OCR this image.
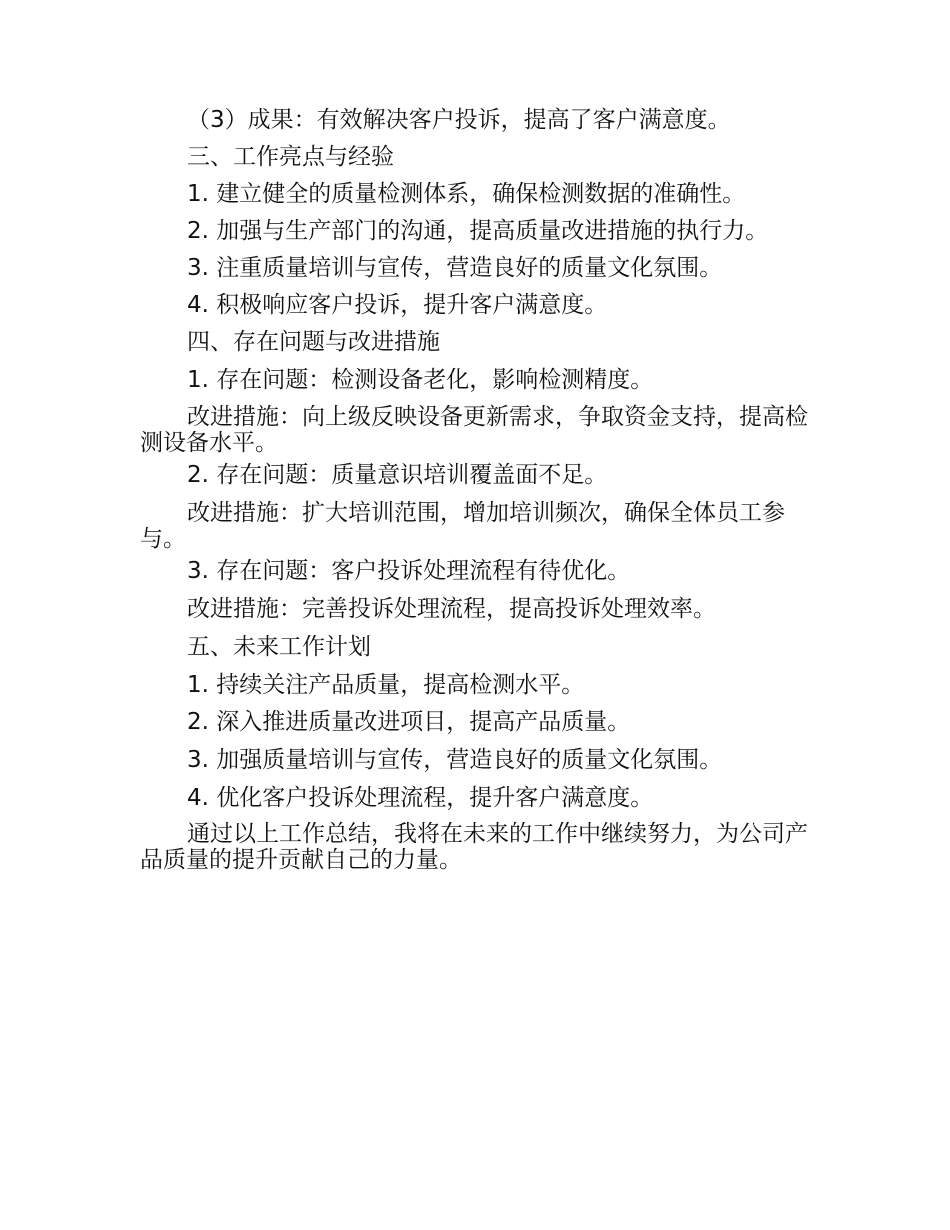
（3）成果：有效解决客户投诉，提高了客户满意度。
三、工作亮点与经验
1. 建立健全的质量检测体系，确保检测数据的准确性。
2. 加强与生产部门的沟通，提高质量改进措施的执行力。
3. 注重质量培训与宣传，营造良好的质量文化氛围。
4. 积极响应客户投诉，提升客户满意度。
四、存在问题与改进措施
1. 存在问题：检测设备老化，影响检测精度。
改进措施：向上级反映设备更新需求，争取资金支持，提高检测设备水平。
2. 存在问题：质量意识培训覆盖面不足。
改进措施：扩大培训范围，增加培训频次，确保全体员工参与。
3. 存在问题：客户投诉处理流程有待优化。
改进措施：完善投诉处理流程，提高投诉处理效率。
五、未来工作计划
1. 持续关注产品质量，提高检测水平。
2. 深入推进质量改进项目，提高产品质量。
3. 加强质量培训与宣传，营造良好的质量文化氛围。
4. 优化客户投诉处理流程，提升客户满意度。
通过以上工作总结，我将在未来的工作中继续努力，为公司产品质量的提升贡献自己的力量。
